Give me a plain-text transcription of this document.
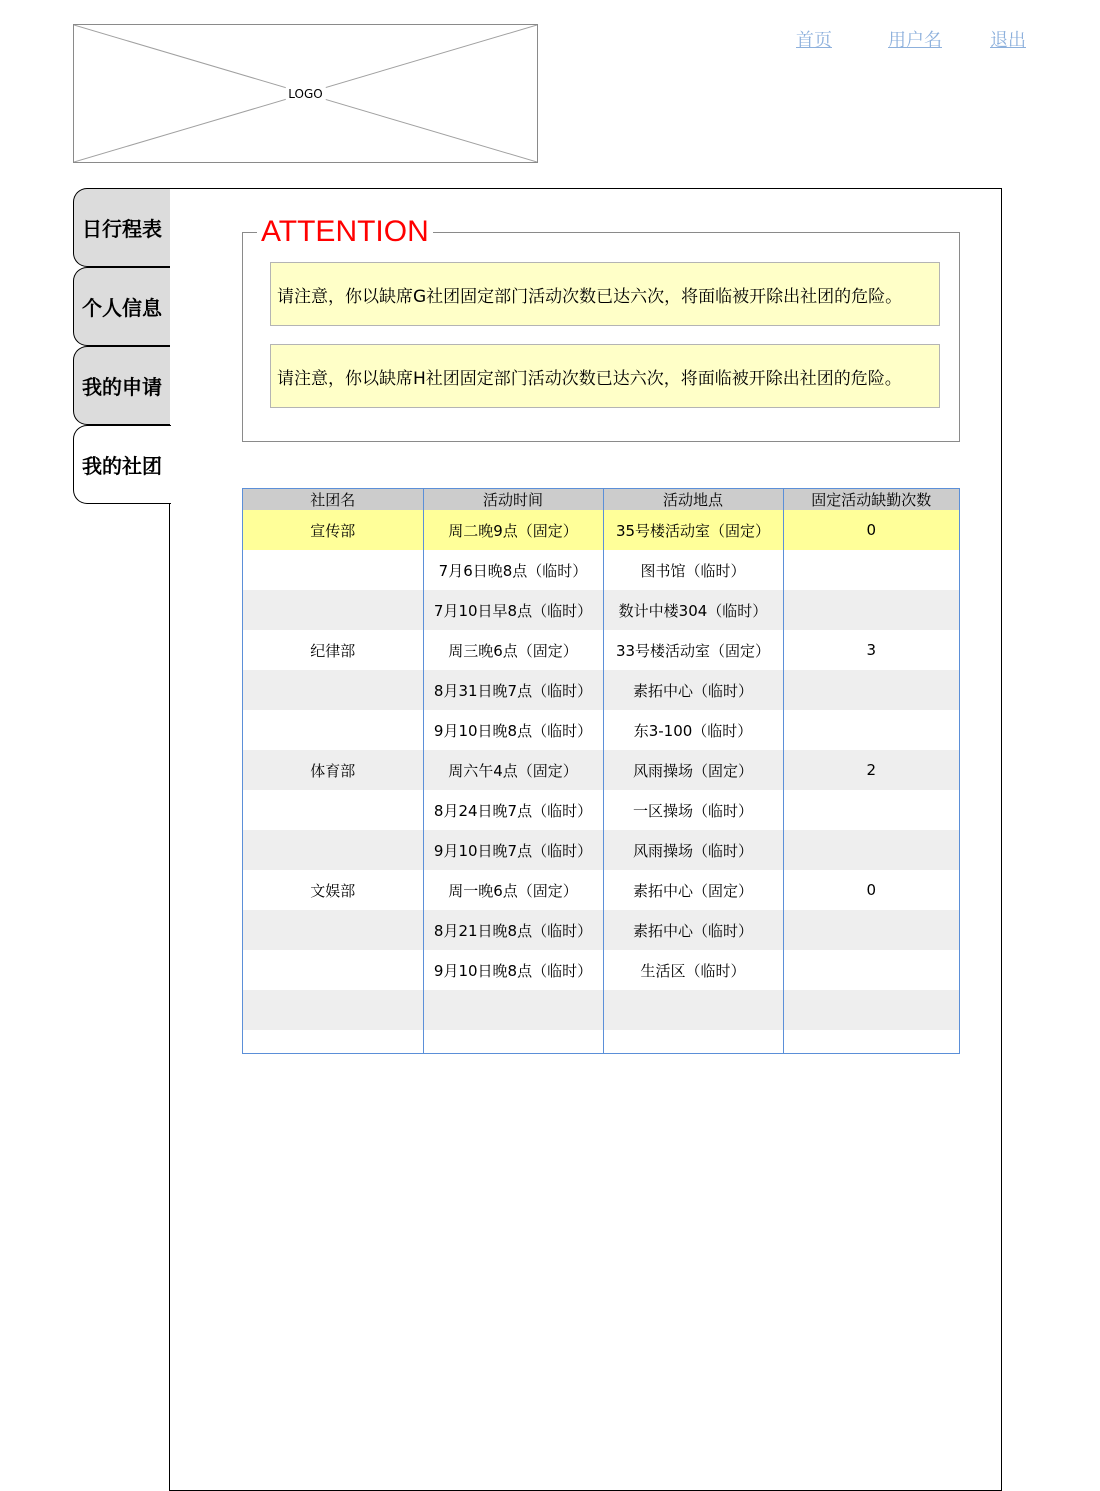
LOGO
首页	用户名	退出
日行程表
个人信息
我的申请
我的社团
ATTENTION
请注意，你以缺席G社团固定部门活动次数已达六次，将面临被开除出社团的危险。
请注意，你以缺席H社团固定部门活动次数已达六次，将面临被开除出社团的危险。
社团名	活动时间	活动地点	固定活动缺勤次数
宣传部	周二晚9点（固定）	35号楼活动室（固定）	0
	7月6日晚8点（临时）	图书馆（临时）	
	7月10日早8点（临时）	数计中楼304（临时）	
纪律部	周三晚6点（固定）	33号楼活动室（固定）	3
	8月31日晚7点（临时）	素拓中心（临时）	
	9月10日晚8点（临时）	东3-100（临时）	
体育部	周六午4点（固定）	风雨操场（固定）	2
	8月24日晚7点（临时）	一区操场（临时）	
	9月10日晚7点（临时）	风雨操场（临时）	
文娱部	周一晚6点（固定）	素拓中心（固定）	0
	8月21日晚8点（临时）	素拓中心（临时）	
	9月10日晚8点（临时）	生活区（临时）	
